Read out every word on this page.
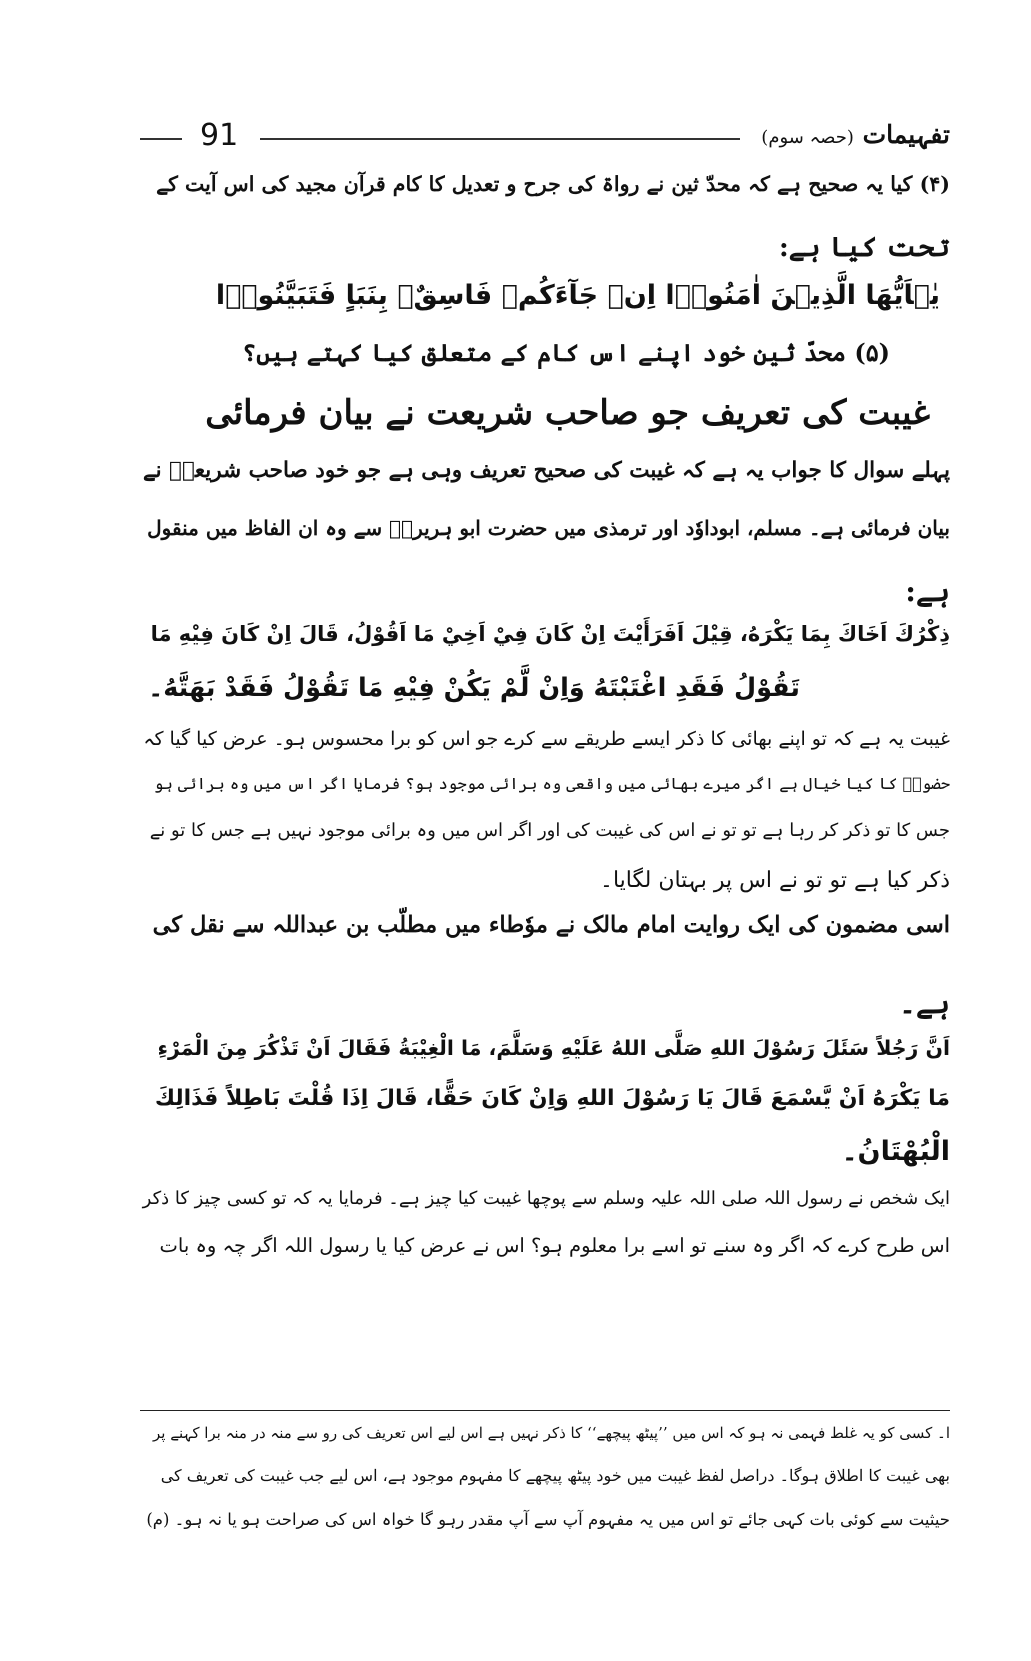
91	تفہیمات (حصہ سوم)
(۴) کیا یہ صحیح ہے کہ محدّ ثین نے رواۃ کی جرح و تعدیل کا کام قرآن مجید کی اس آیت کے
تحت کیا ہے:
یٰۤاَیُّهَا الَّذِیۡنَ اٰمَنُوۡۤا اِنۡ جَآءَكُمۡ فَاسِقٌۢ بِنَبَاٍ فَتَبَیَّنُوۡۤا
(۵) محدّ ثین خود اپنے اس کام کے متعلق کیا کہتے ہیں؟
غیبت کی تعریف جو صاحب شریعت نے بیان فرمائی
پہلے سوال کا جواب یہ ہے کہ غیبت کی صحیح تعریف وہی ہے جو خود صاحب شریعتؐ نے
بیان فرمائی ہے۔ مسلم، ابوداوٗد اور ترمذی میں حضرت ابو ہریرہؓ سے وہ ان الفاظ میں منقول
ہے:
ذِكْرُكَ اَخَاكَ بِمَا يَكْرَهُ، قِيْلَ اَفَرَأَيْتَ اِنْ كَانَ فِيْ اَخِيْ مَا اَقُوْلُ، قَالَ اِنْ كَانَ فِيْهِ مَا
تَقُوْلُ فَقَدِ اغْتَبْتَهُ وَاِنْ لَّمْ يَكُنْ فِيْهِ مَا تَقُوْلُ فَقَدْ بَهَتَّهُ۔
غیبت یہ ہے کہ تو اپنے بھائی کا ذکر ایسے طریقے سے کرے جو اس کو برا محسوس ہو۔ عرض کیا گیا کہ
حضورؐ کا کیا خیال ہے اگر میرے بھائی میں واقعی وہ برائی موجود ہو؟ فرمایا اگر اس میں وہ برائی ہو
جس کا تو ذکر کر رہا ہے تو تو نے اس کی غیبت کی اور اگر اس میں وہ برائی موجود نہیں ہے جس کا تو نے
ذکر کیا ہے تو تو نے اس پر بہتان لگایا۔
اسی مضمون کی ایک روایت امام مالک نے موٗطاء میں مطلّب بن عبداللہ سے نقل کی
ہے۔
اَنَّ رَجُلاً سَئَلَ رَسُوْلَ اللهِ صَلَّى اللهُ عَلَيْهِ وَسَلَّمَ، مَا الْغِيْبَةُ فَقَالَ اَنْ تَذْكُرَ مِنَ الْمَرْءِ
مَا يَكْرَهُ اَنْ يَّسْمَعَ قَالَ يَا رَسُوْلَ اللهِ وَاِنْ كَانَ حَقًّا، قَالَ اِذَا قُلْتَ بَاطِلاً فَذَالِكَ
الْبُهْتَانُ۔
ایک شخص نے رسول اللہ صلی اللہ علیہ وسلم سے پوچھا غیبت کیا چیز ہے۔ فرمایا یہ کہ تو کسی چیز کا ذکر
اس طرح کرے کہ اگر وہ سنے تو اسے برا معلوم ہو؟ اس نے عرض کیا یا رسول اللہ اگر چہ وہ بات
ا۔ کسی کو یہ غلط فہمی نہ ہو کہ اس میں ’’پیٹھ پیچھے‘‘ کا ذکر نہیں ہے اس لیے اس تعریف کی رو سے منہ در منہ برا کہنے پر
بھی غیبت کا اطلاق ہوگا۔ دراصل لفظ غیبت میں خود پیٹھ پیچھے کا مفہوم موجود ہے، اس لیے جب غیبت کی تعریف کی
حیثیت سے کوئی بات کہی جائے تو اس میں یہ مفہوم آپ سے آپ مقدر رہو گا خواہ اس کی صراحت ہو یا نہ ہو۔ (م)
